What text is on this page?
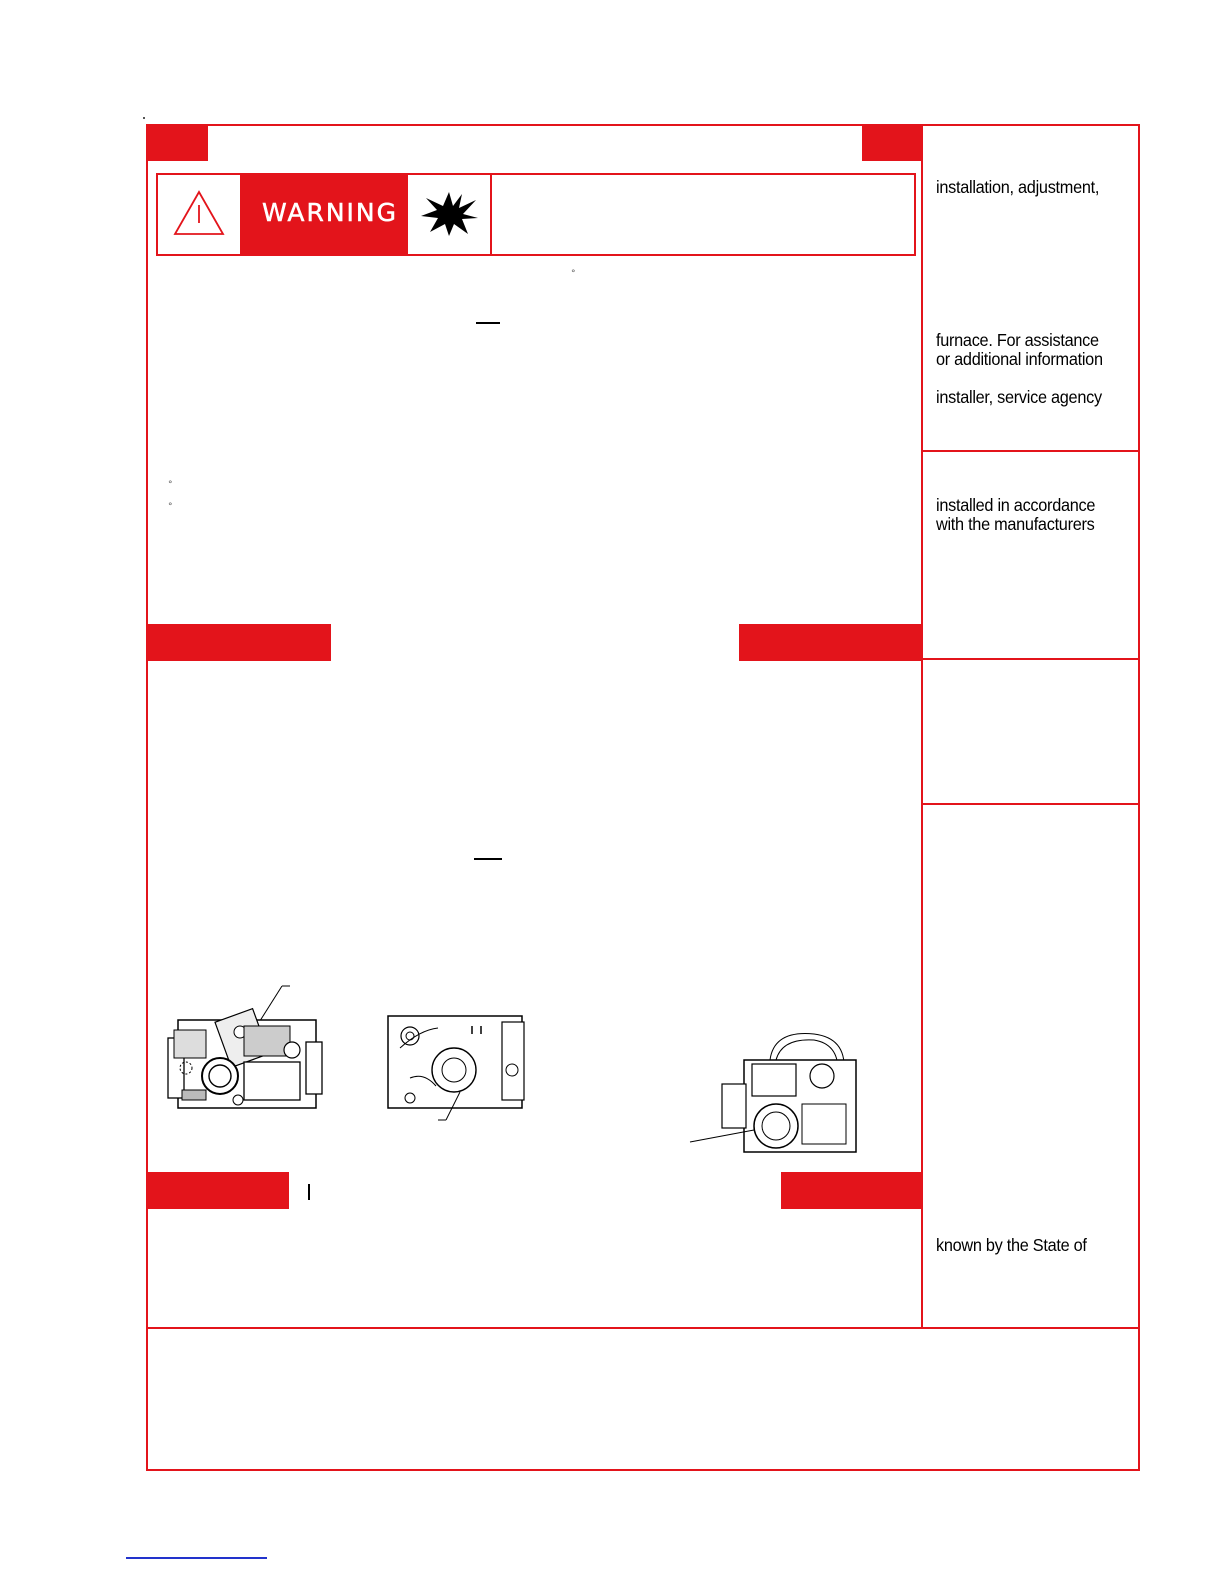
WARNING
°
°
°
installation, adjustment,
furnace. For assistance
or additional information
installer, service agency
installed in accordance
with the manufacturers
known by the State of
